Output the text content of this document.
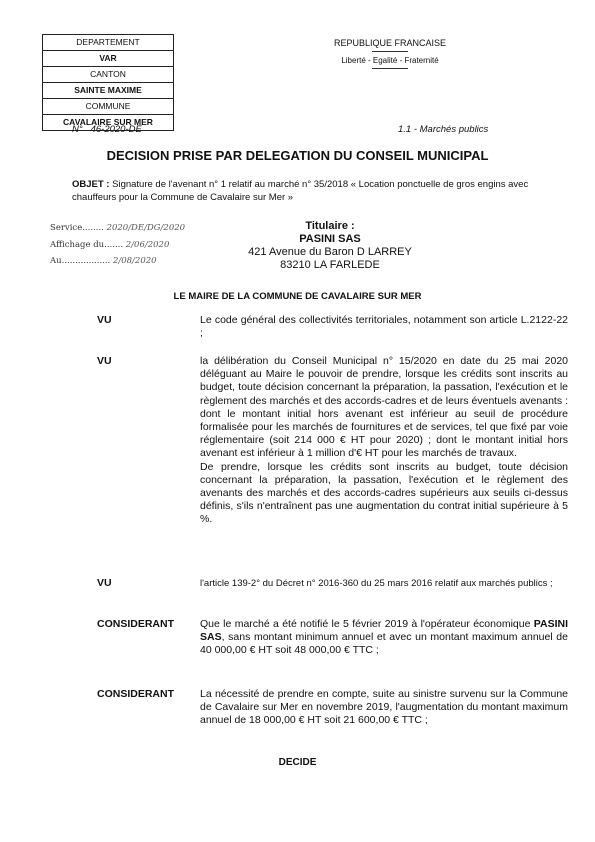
DEPARTEMENT
VAR
CANTON
SAINTE MAXIME
COMMUNE
CAVALAIRE SUR MER
REPUBLIQUE FRANCAISE
Liberté - Egalité - Fraternité
N° 46-2020-DE	1.1 - Marchés publics
DECISION PRISE PAR DELEGATION DU CONSEIL MUNICIPAL
OBJET : Signature de l'avenant n° 1 relatif au marché n° 35/2018 « Location ponctuelle de gros engins avec chauffeurs pour la Commune de Cavalaire sur Mer »
Service........ 2020/DE/DG/2020
Affichage du....... 2/06/2020
Au.................. 2/08/2020
Titulaire :
PASINI SAS
421 Avenue du Baron D LARREY
83210 LA FARLEDE
LE MAIRE DE LA COMMUNE DE CAVALAIRE SUR MER
VU	Le code général des collectivités territoriales, notamment son article L.2122-22 ;
VU	la délibération du Conseil Municipal n° 15/2020 en date du 25 mai 2020 déléguant au Maire le pouvoir de prendre, lorsque les crédits sont inscrits au budget, toute décision concernant la préparation, la passation, l'exécution et le règlement des marchés et des accords-cadres et de leurs éventuels avenants : dont le montant initial hors avenant est inférieur au seuil de procédure formalisée pour les marchés de fournitures et de services, tel que fixé par voie réglementaire (soit 214 000 € HT pour 2020) ; dont le montant initial hors avenant est inférieur à 1 million d'€ HT pour les marchés de travaux.
De prendre, lorsque les crédits sont inscrits au budget, toute décision concernant la préparation, la passation, l'exécution et le règlement des avenants des marchés et des accords-cadres supérieurs aux seuils ci-dessus définis, s'ils n'entraînent pas une augmentation du contrat initial supérieure à 5 %.
VU	l'article 139-2° du Décret n° 2016-360 du 25 mars 2016 relatif aux marchés publics ;
CONSIDERANT Que le marché a été notifié le 5 février 2019 à l'opérateur économique PASINI SAS, sans montant minimum annuel et avec un montant maximum annuel de 40 000,00 € HT soit 48 000,00 € TTC ;
CONSIDERANT La nécessité de prendre en compte, suite au sinistre survenu sur la Commune de Cavalaire sur Mer en novembre 2019, l'augmentation du montant maximum annuel de 18 000,00 € HT soit 21 600,00 € TTC ;
DECIDE
